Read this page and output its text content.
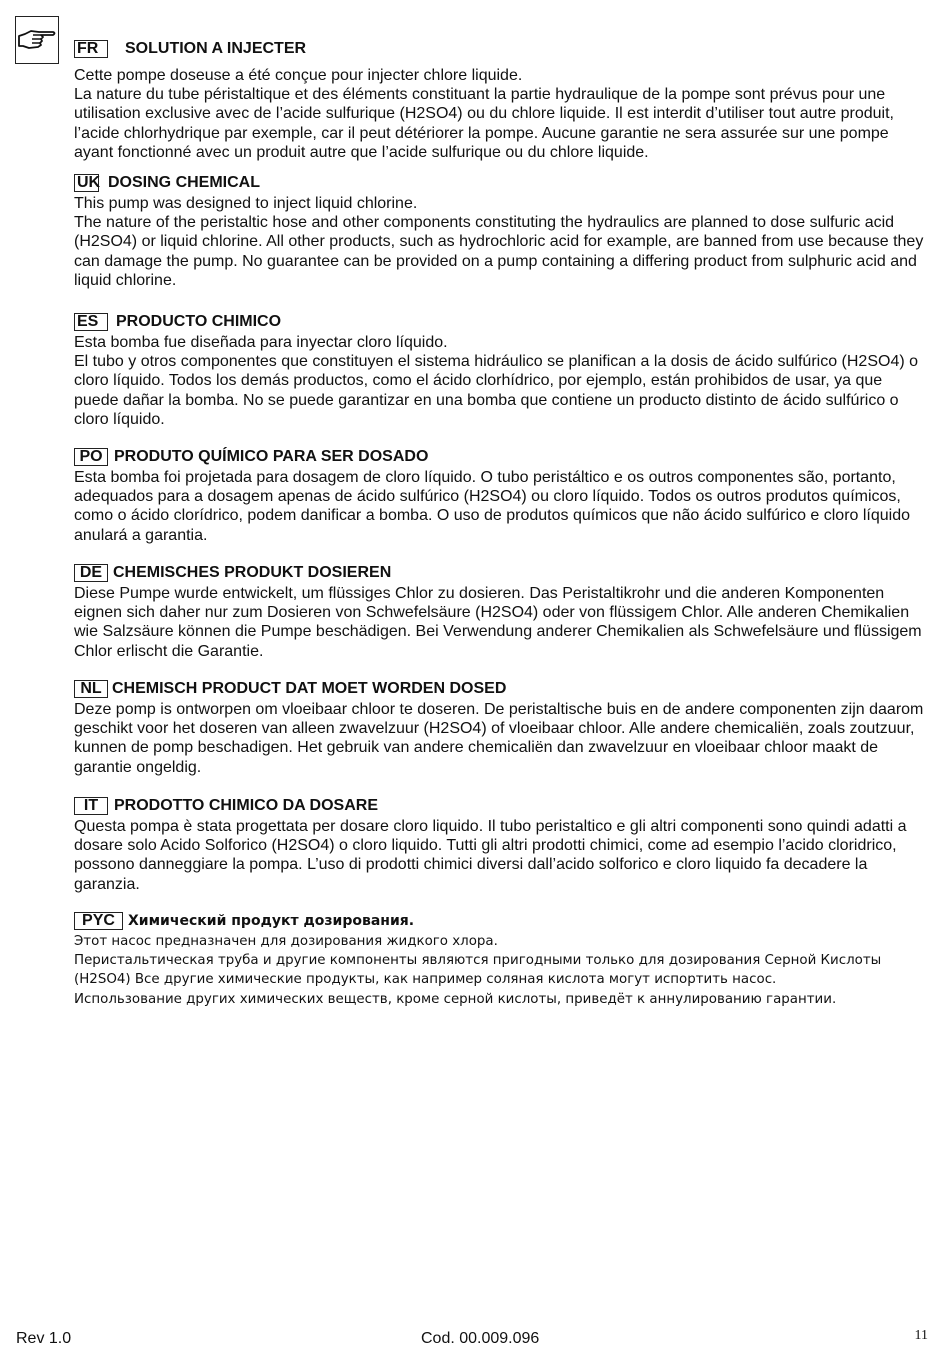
FR	SOLUTION A INJECTER

Cette pompe doseuse a été conçue pour injecter chlore liquide.

La nature du tube péristaltique et des éléments constituant la partie hydraulique de la pompe sont prévus pour une utilisation exclusive avec de l’acide sulfurique (H2SO4) ou du chlore liquide. Il est interdit d’utiliser tout autre produit, l’acide chlorhydrique par exemple, car il peut détériorer la pompe. Aucune garantie ne sera assurée sur une pompe ayant fonctionné avec un produit autre que l’acide sulfurique ou du chlore liquide.

UK DOSING CHEMICAL

This pump was designed to inject liquid chlorine.

The nature of the peristaltic hose and other components constituting the hydraulics are planned to dose sulfuric acid (H2SO4) or liquid chlorine. All other products, such as hydrochloric acid for example, are banned from use because they can damage the pump. No guarantee can be provided on a pump containing a differing product from sulphuric acid and liquid chlorine.

ES	PRODUCTO CHIMICO

Esta bomba fue diseñada para inyectar cloro líquido.

El tubo y otros componentes que constituyen el sistema hidráulico se planifican a la dosis de ácido sulfúrico (H2SO4) o cloro líquido. Todos los demás productos, como el ácido clorhídrico, por ejemplo, están prohibidos de usar, ya que puede dañar la bomba. No se puede garantizar en una bomba que contiene un producto distinto de ácido sulfúrico o cloro líquido.

PO PRODUTO QUÍMICO PARA SER DOSADO

Esta bomba foi projetada para dosagem de cloro líquido. O tubo peristáltico e os outros componentes são, portanto, adequados para a dosagem apenas de ácido sulfúrico (H2SO4) ou cloro líquido. Todos os outros produtos químicos, como o ácido clorídrico, podem danificar a bomba. O uso de produtos químicos que não ácido sulfúrico e cloro líquido anulará a garantia.

DE CHEMISCHES PRODUKT DOSIEREN

Diese Pumpe wurde entwickelt, um flüssiges Chlor zu dosieren. Das Peristaltikrohr und die anderen Komponenten eignen sich daher nur zum Dosieren von Schwefelsäure (H2SO4) oder von flüssigem Chlor. Alle anderen Chemikalien wie Salzsäure können die Pumpe beschädigen. Bei Verwendung anderer Chemikalien als Schwefelsäure und flüssigem Chlor erlischt die Garantie.

NL CHEMISCH PRODUCT DAT MOET WORDEN DOSED

Deze pomp is ontworpen om vloeibaar chloor te doseren. De peristaltische buis en de andere componenten zijn daarom geschikt voor het doseren van alleen zwavelzuur (H2SO4) of vloeibaar chloor. Alle andere chemicaliën, zoals zoutzuur, kunnen de pomp beschadigen. Het gebruik van andere chemicaliën dan zwavelzuur en vloeibaar chloor maakt de garantie ongeldig.

IT PRODOTTO CHIMICO DA DOSARE

Questa pompa è stata progettata per dosare cloro liquido. Il tubo peristaltico e gli altri componenti sono quindi adatti a dosare solo Acido Solforico (H2SO4) o cloro liquido. Tutti gli altri prodotti chimici, come ad esempio l’acido cloridrico, possono danneggiare la pompa. L’uso di prodotti chimici diversi dall’acido solforico e cloro liquido fa decadere la garanzia.

PYC Химический продукт дозирования.

Этот насос предназначен для дозирования жидкого хлора.

Перистальтическая труба и другие компоненты являются пригодными только для дозирования Серной Кислоты (H2SO4) Все другие химические продукты, как например соляная кислота могут испортить насос.

Использование других химических веществ, кроме серной кислоты, приведёт к аннулированию гарантии.

Rev 1.0	Cod. 00.009.096	11
